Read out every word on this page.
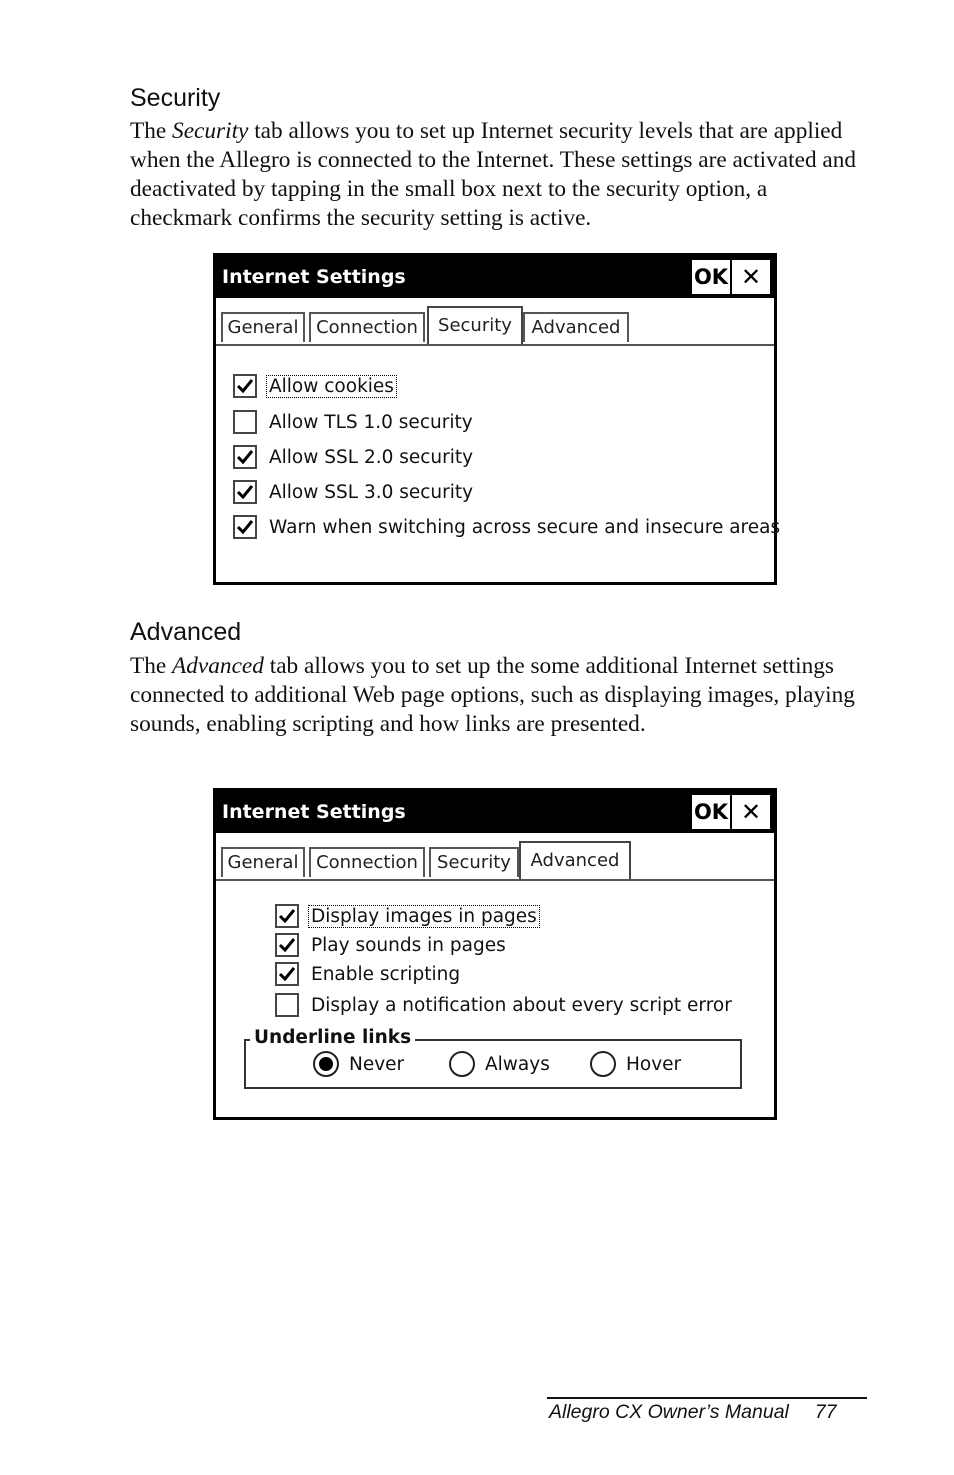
Security

The Security tab allows you to set up Internet security levels that are applied when the Allegro is connected to the Internet. These settings are activated and deactivated by tapping in the small box next to the security option, a checkmark confirms the security setting is active.

Internet Settings	OK ✕
General Connection	Security	Advanced
Allow cookies
Allow TLS 1.0 security
Allow SSL 2.0 security
Allow SSL 3.0 security
Warn when switching across secure and insecure areas
Advanced

The Advanced tab allows you to set up the some additional Internet settings connected to additional Web page options, such as displaying images, playing sounds, enabling scripting and how links are presented.

Internet Settings	OK ✕
General Connection	Security	Advanced
Display images in pages
Play sounds in pages
Enable scripting
Display a notification about every script error
Underline links
Never	Always	Hover
Allegro CX Owner’s Manual 77
